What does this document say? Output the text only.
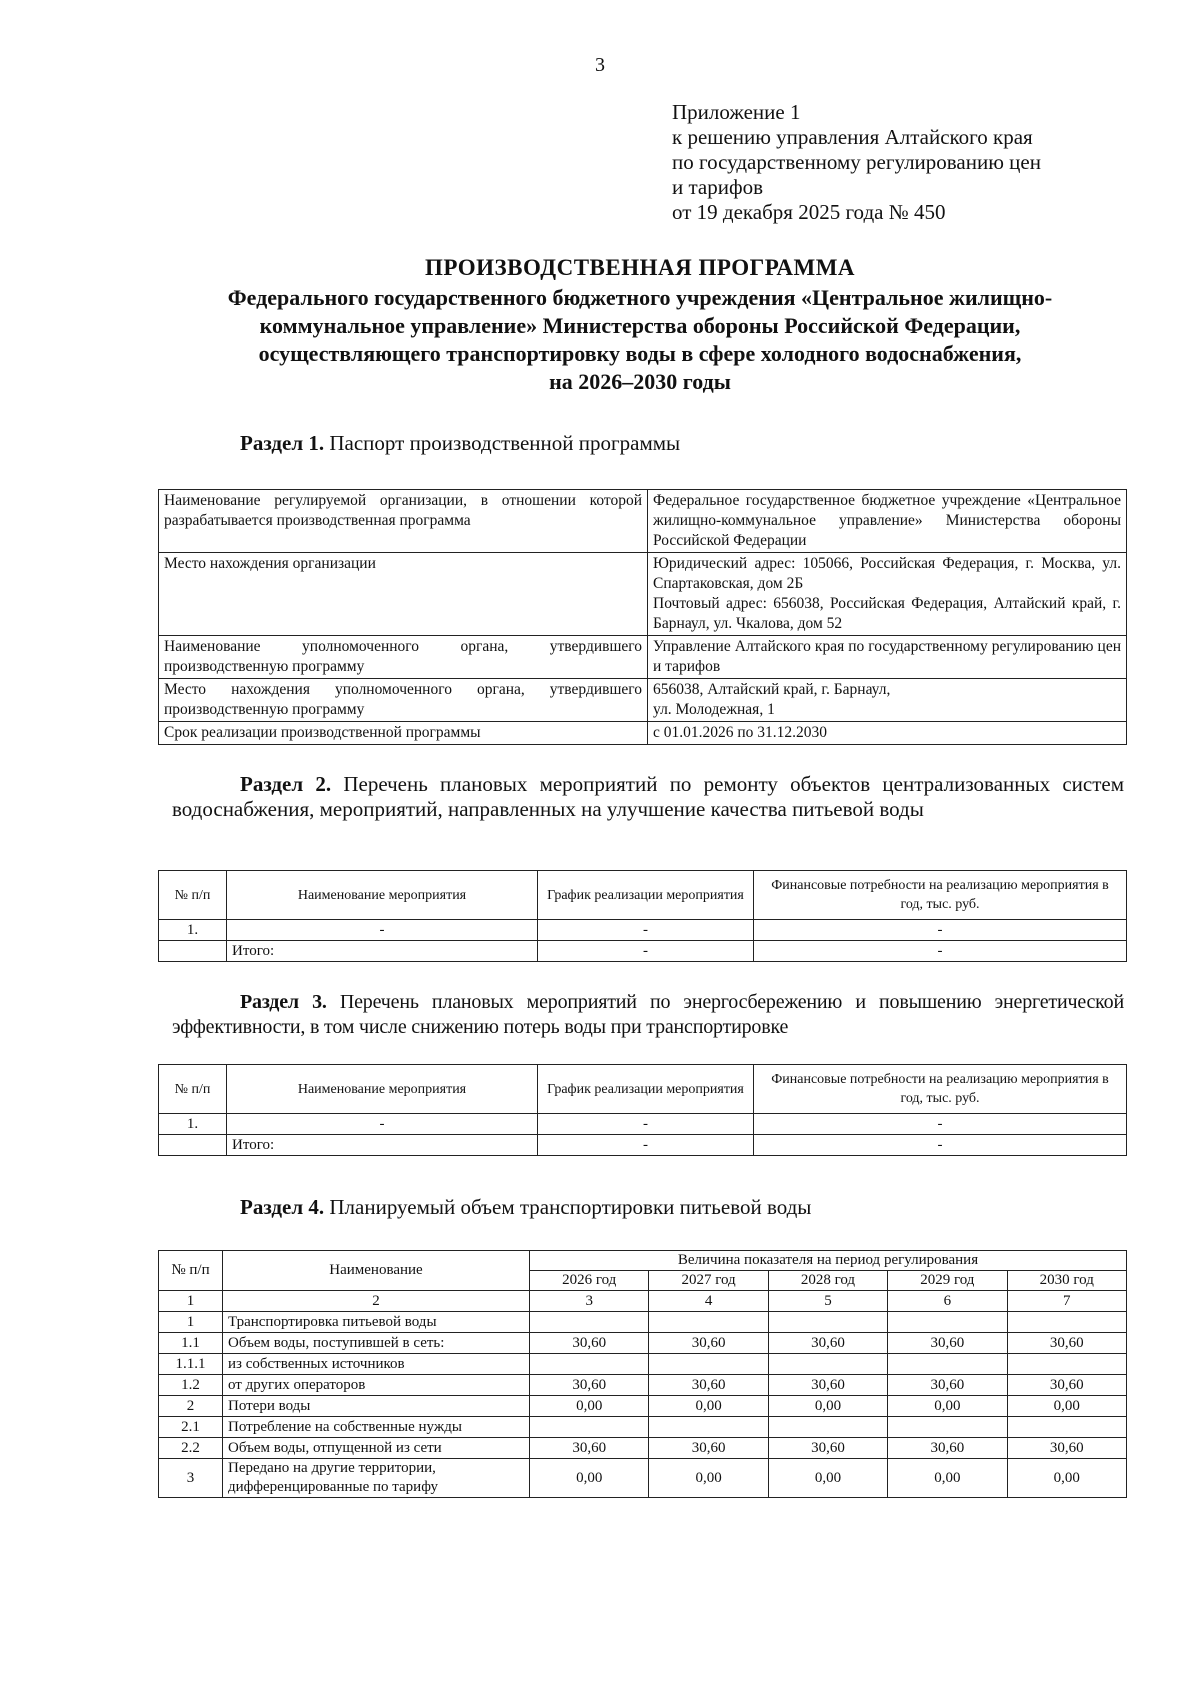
3
Приложение 1
к решению управления Алтайского края
по государственному регулированию цен
и тарифов
от 19 декабря 2025 года № 450
ПРОИЗВОДСТВЕННАЯ ПРОГРАММА
Федерального государственного бюджетного учреждения «Центральное жилищно-
коммунальное управление» Министерства обороны Российской Федерации,
осуществляющего транспортировку воды в сфере холодного водоснабжения,
на 2026–2030 годы
Раздел 1. Паспорт производственной программы
Наименование регулируемой организации, в отношении которой разрабатывается производственная программа	Федеральное государственное бюджетное учреждение «Центральное жилищно-коммунальное управление» Министерства обороны Российской Федерации
Место нахождения организации	Юридический адрес: 105066, Российская Федерация, г. Москва, ул. Спартаковская, дом 2Б
Почтовый адрес: 656038, Российская Федерация, Алтайский край, г. Барнаул, ул. Чкалова, дом 52

Наименование уполномоченного органа, утвердившего производственную программу	Управление Алтайского края по государственному регулированию цен и тарифов
Место нахождения уполномоченного органа, утвердившего производственную программу	656038, Алтайский край, г. Барнаул,
ул. Молодежная, 1

Срок реализации производственной программы	с 01.01.2026 по 31.12.2030
Раздел 2. Перечень плановых мероприятий по ремонту объектов централизованных систем водоснабжения, мероприятий, направленных на улучшение качества питьевой воды
№ п/п	Наименование мероприятия	График реализации мероприятия	Финансовые потребности на реализацию мероприятия в год, тыс. руб.
1.	-	-	-
	Итого:	-	-
Раздел 3. Перечень плановых мероприятий по энергосбережению и повышению энергетической эффективности, в том числе снижению потерь воды при транспортировке
№ п/п	Наименование мероприятия	График реализации мероприятия	Финансовые потребности на реализацию мероприятия в год, тыс. руб.
1.	-	-	-
	Итого:	-	-
Раздел 4. Планируемый объем транспортировки питьевой воды
№ п/п	Наименование	Величина показателя на период регулирования				
		2026 год	2027 год	2028 год	2029 год	2030 год
1	2	3	4	5	6	7
1	Транспортировка питьевой воды					
1.1	Объем воды, поступившей в сеть:	30,60	30,60	30,60	30,60	30,60
1.1.1	из собственных источников					
1.2	от других операторов	30,60	30,60	30,60	30,60	30,60
2	Потери воды	0,00	0,00	0,00	0,00	0,00
2.1	Потребление на собственные нужды					
2.2	Объем воды, отпущенной из сети	30,60	30,60	30,60	30,60	30,60
3	Передано на другие территории, дифференцированные по тарифу	0,00	0,00	0,00	0,00	0,00
